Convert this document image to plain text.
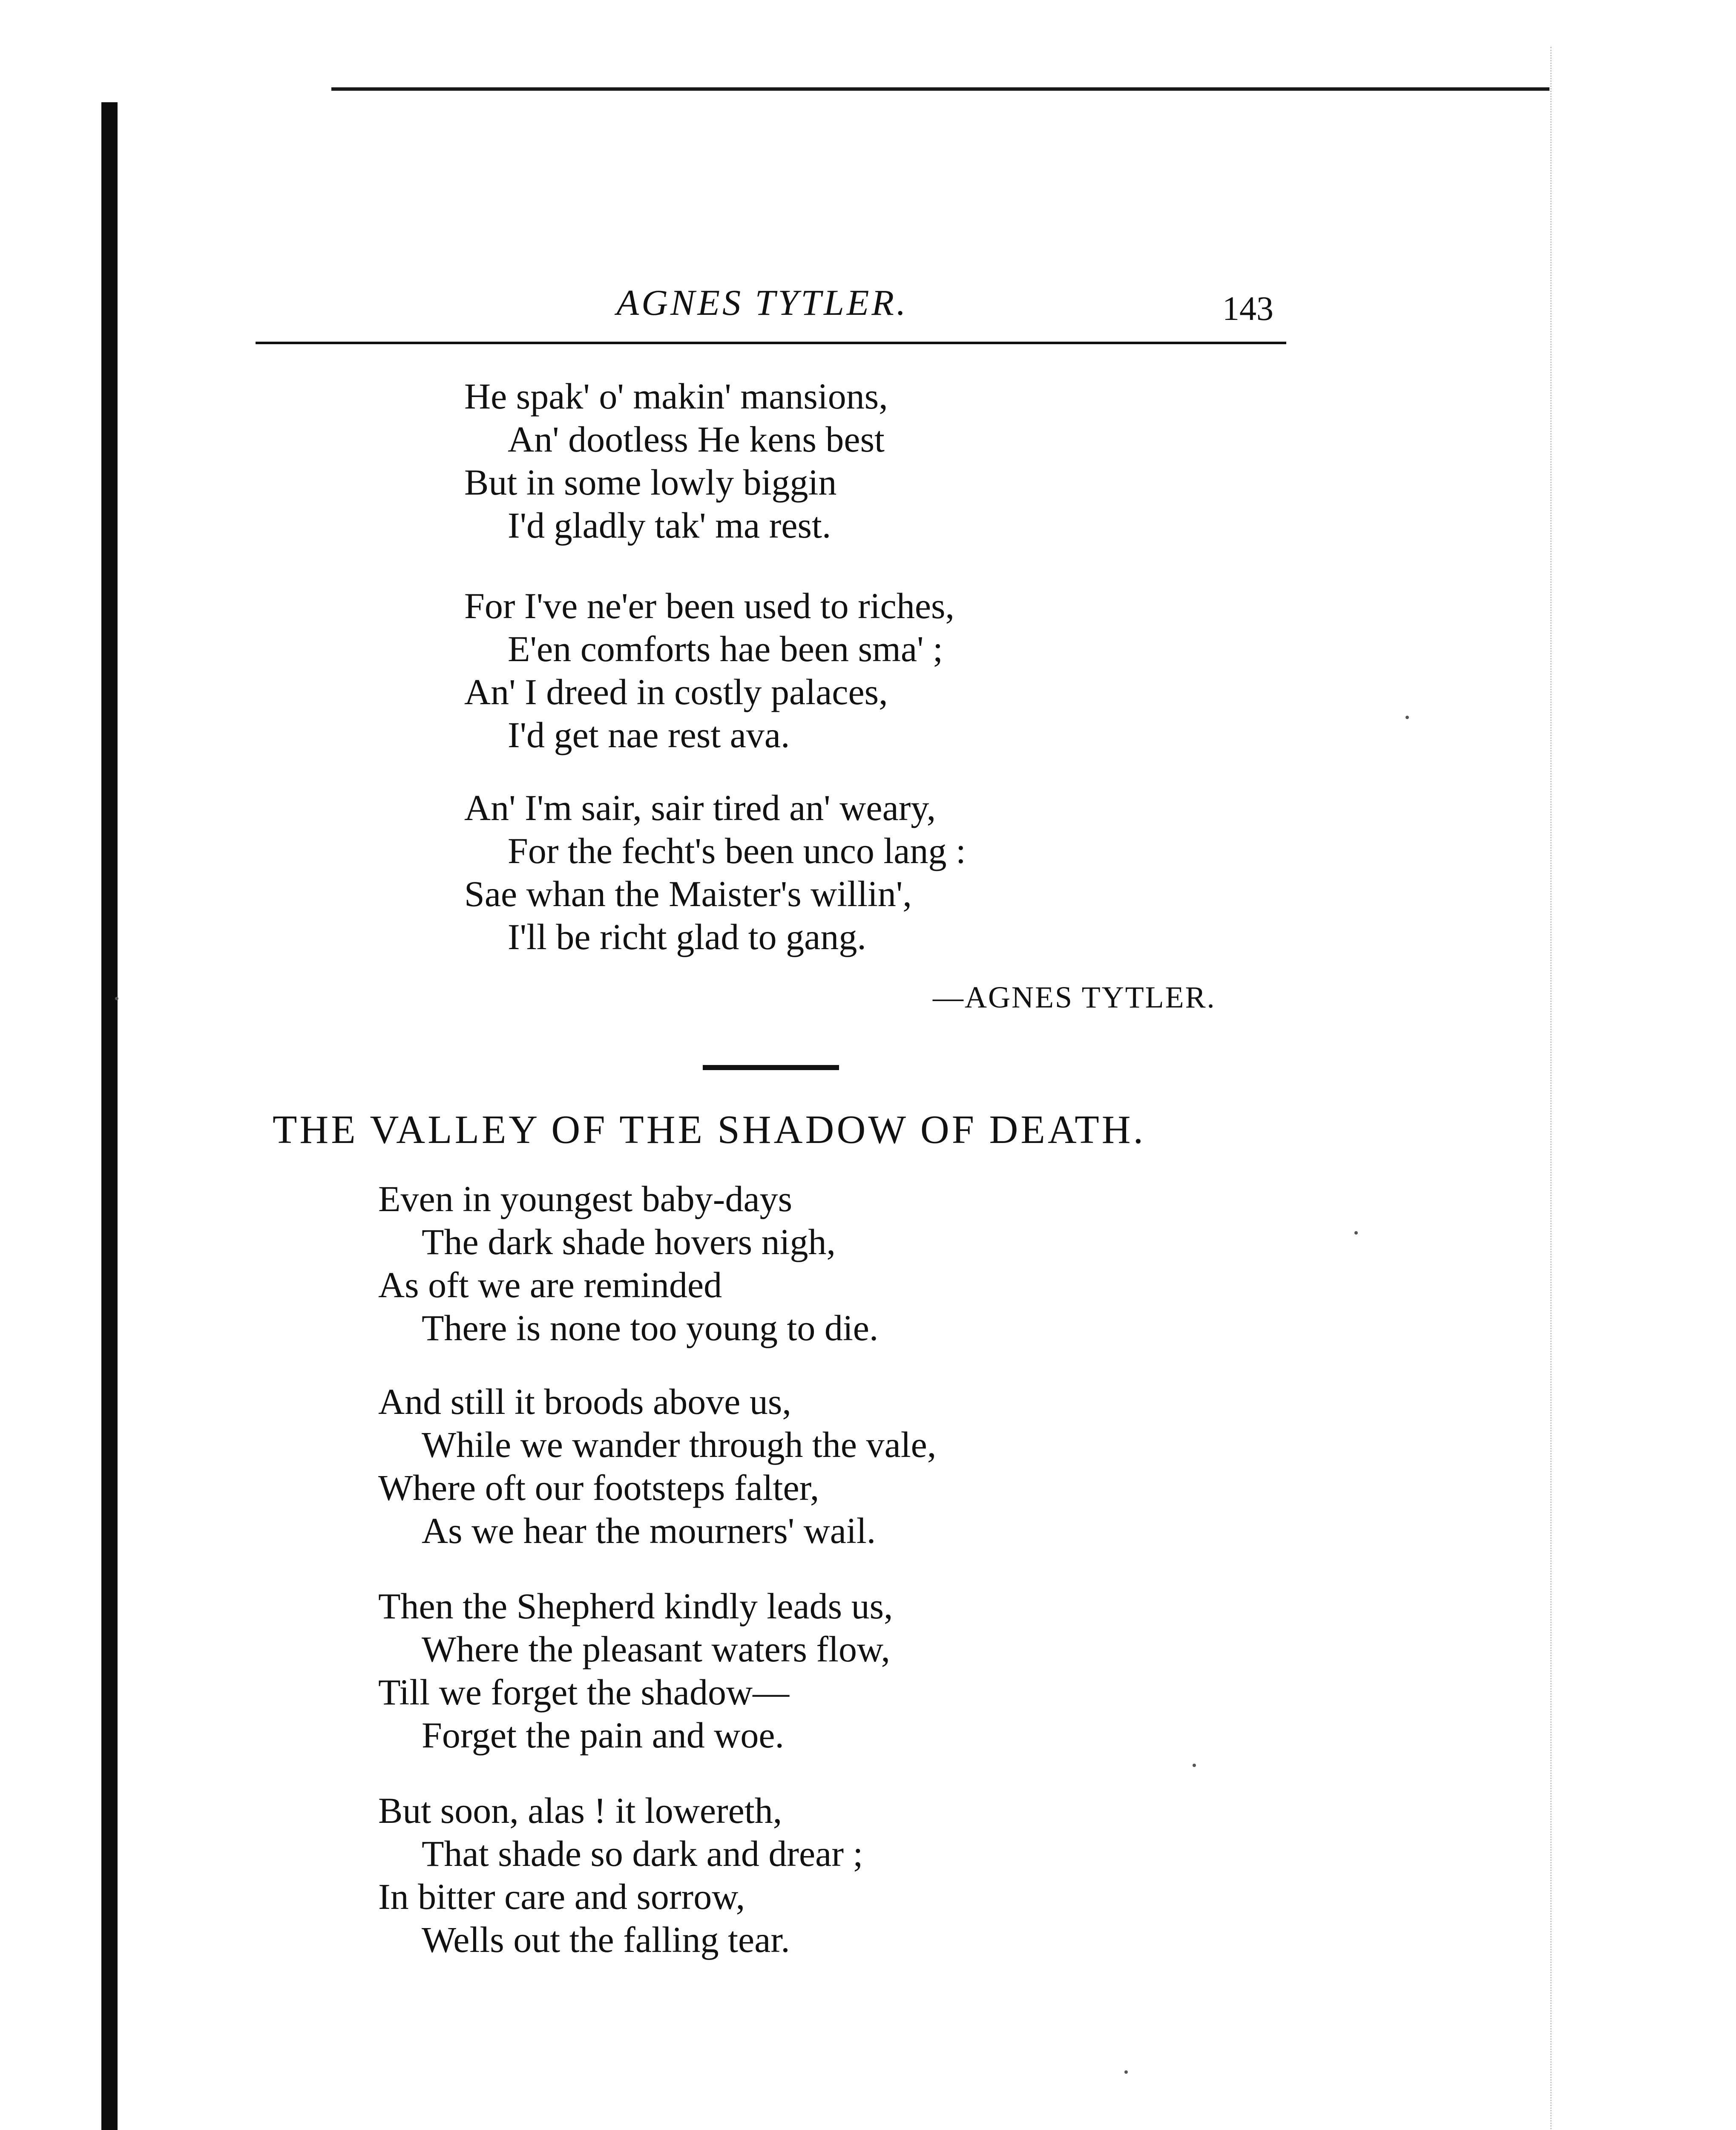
AGNES TYTLER.	143
He spak' o' makin' mansions,
An' dootless He kens best
But in some lowly biggin
I'd gladly tak' ma rest.
For I've ne'er been used to riches,
E'en comforts hae been sma' ;
An' I dreed in costly palaces,
I'd get nae rest ava.
An' I'm sair, sair tired an' weary,
For the fecht's been unco lang :
Sae whan the Maister's willin',
I'll be richt glad to gang.
—AGNES TYTLER.
THE VALLEY OF THE SHADOW OF DEATH.
Even in youngest baby-days
The dark shade hovers nigh,
As oft we are reminded
There is none too young to die.
And still it broods above us,
While we wander through the vale,
Where oft our footsteps falter,
As we hear the mourners' wail.
Then the Shepherd kindly leads us,
Where the pleasant waters flow,
Till we forget the shadow—
Forget the pain and woe.
But soon, alas ! it lowereth,
That shade so dark and drear ;
In bitter care and sorrow,
Wells out the falling tear.
